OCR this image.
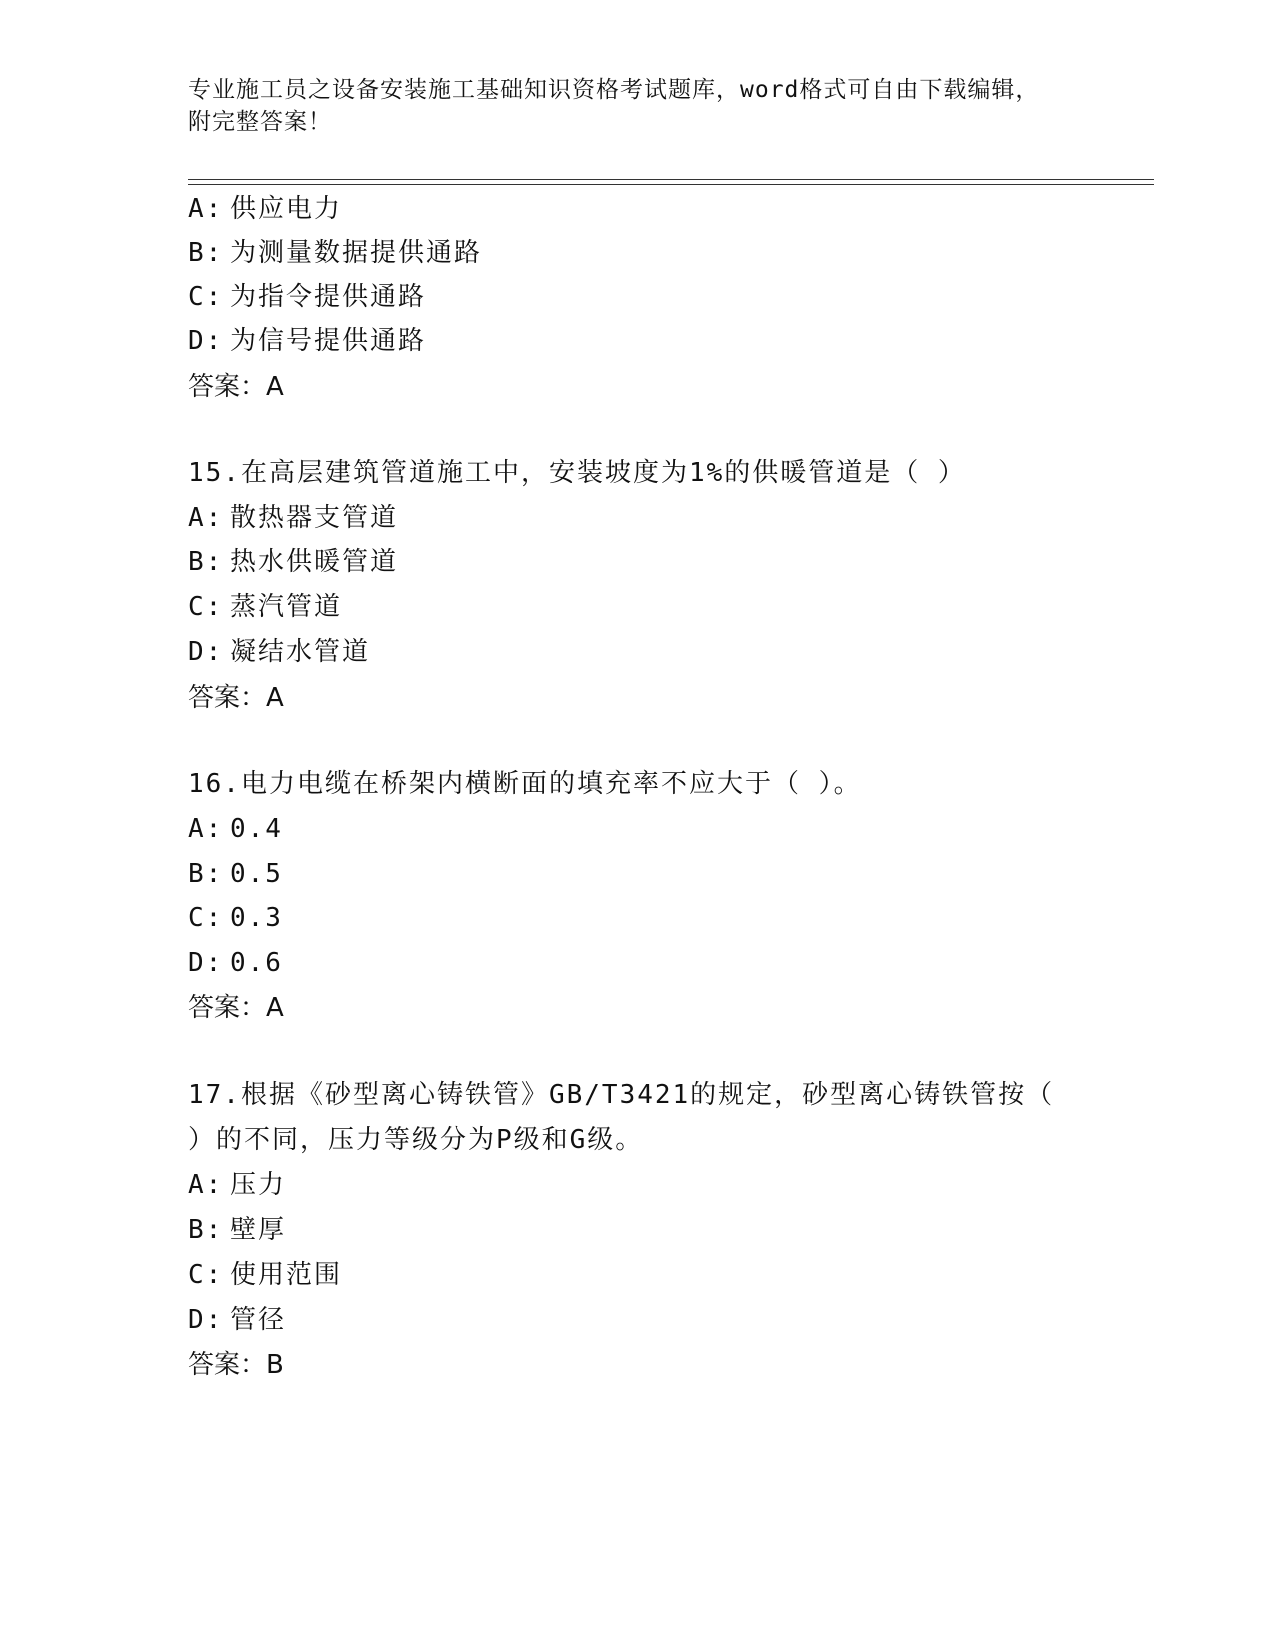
专业施工员之设备安装施工基础知识资格考试题库，word格式可自由下载编辑，
附完整答案！
A: 供应电力
B: 为测量数据提供通路
C: 为指令提供通路
D: 为信号提供通路
答案：A
15.在高层建筑管道施工中，安装坡度为1%的供暖管道是（ ）
A: 散热器支管道
B: 热水供暖管道
C: 蒸汽管道
D: 凝结水管道
答案：A
16.电力电缆在桥架内横断面的填充率不应大于（ ）。
A: 0.4
B: 0.5
C: 0.3
D: 0.6
答案：A
17.根据《砂型离心铸铁管》GB/T3421的规定，砂型离心铸铁管按（
）的不同，压力等级分为P级和G级。
A: 压力
B: 壁厚
C: 使用范围
D: 管径
答案：B
